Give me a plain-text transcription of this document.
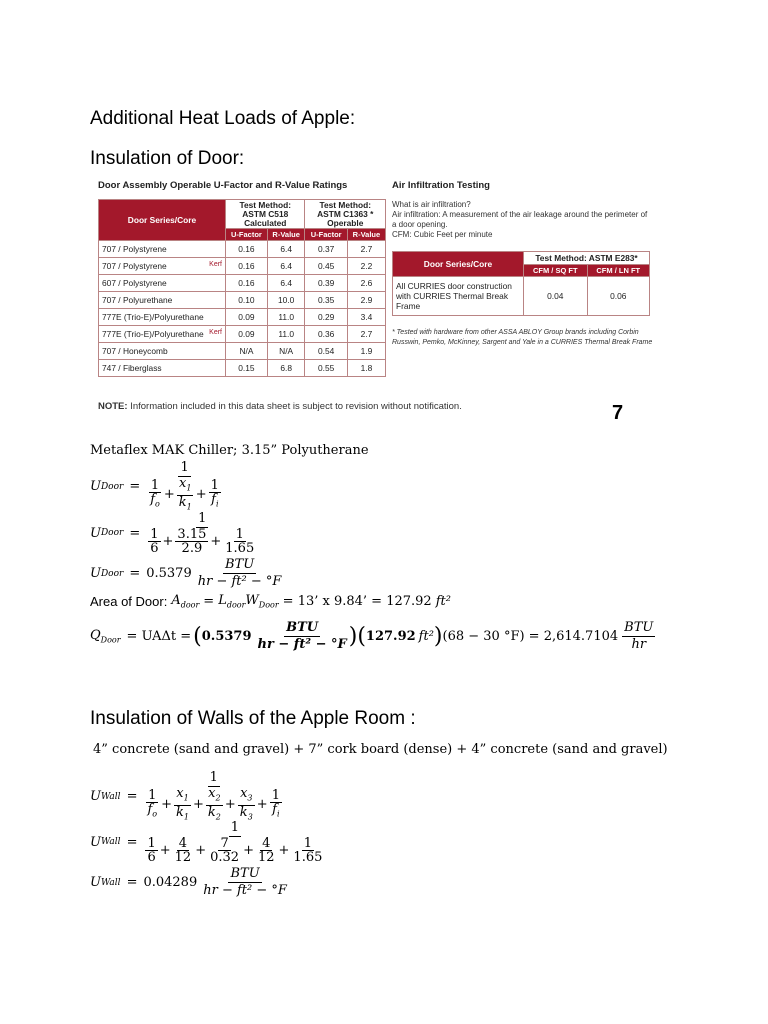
Additional Heat Loads of Apple:
Insulation of Door:
Door Assembly Operable U-Factor and R-Value Ratings	Air Infiltration Testing
Door Series/Core	Test Method: ASTM C518 Calculated		Test Method: ASTM C1363 * Operable	
	U-Factor	R-Value	U-Factor	R-Value
707 / Polystyrene	0.16	6.4	0.37	2.7
707 / Polystyrene Kerf	0.16	6.4	0.45	2.2
607 / Polystyrene	0.16	6.4	0.39	2.6
707 / Polyurethane	0.10	10.0	0.35	2.9
777E (Trio-E)/Polyurethane	0.09	11.0	0.29	3.4
777E (Trio-E)/Polyurethane Kerf	0.09	11.0	0.36	2.7
707 / Honeycomb	N/A	N/A	0.54	1.9
747 / Fiberglass	0.15	6.8	0.55	1.8
What is air infiltration?
Air infiltration: A measurement of the air leakage around the perimeter of a door opening.
CFM: Cubic Feet per minute
Door Series/Core	Test Method: ASTM E283*	
	CFM / SQ FT	CFM / LN FT
All CURRIES door construction with CURRIES Thermal Break Frame	0.04	0.06
* Tested with hardware from other ASSA ABLOY Group brands including Corbin Russwin, Pemko, McKinney, Sargent and Yale in a CURRIES Thermal Break Frame
NOTE: Information included in this data sheet is subject to revision without notification.	7
Metaflex MAK Chiller; 3.15” Polyutherane
U Door = $\frac{1}{\frac{1}{f_o} + \frac{x_1}{k_1} + \frac{1}{f_i}}$
U Door = $\frac{1}{\frac{1}{6} + \frac{3.15}{2.9} + \frac{1}{1.65}}$
U Door = $0.5379 \frac{\text{BTU}}{\text{hr − ft² − °F}}$
Area of Door: $A_{door} = L_{door}W_{Door} = 13$’ x 9.84’ = 127.92 ft²
$Q_{Door} = UA\Delta t$ = ( $0.5379 \frac{\text{BTU}}{\text{hr − ft² − °F}}$ )( 127.92 ft² ) (68 − 30 $^\circ F) = 2,614.7104 \frac{\text{BTU}}{hr}$
Insulation of Walls of the Apple Room :
4” concrete (sand and gravel) + 7” cork board (dense) + 4” concrete (sand and gravel)
U Wall =
1
$\frac{1}{f_o} + \frac{x_1}{k_1} + \frac{x_2}{k_2} + \frac{x_3}{k_3} + \frac{1}{f_i}$
U Wall =
1
$\frac{1}{6} + \frac{4}{12} + \frac{7}{0.32} + \frac{4}{12} + \frac{1}{1.65}$
U Wall = $0.04289 \frac{\text{BTU}}{\text{hr − ft² − °F}}$
